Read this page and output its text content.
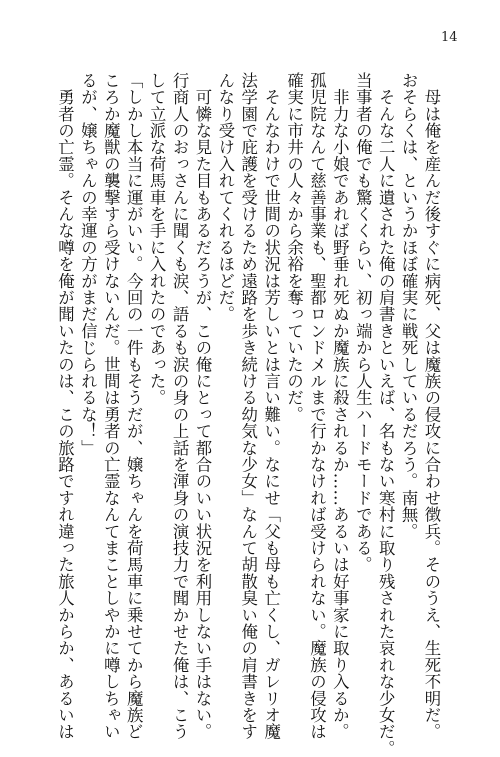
14
　母は俺を産んだ後すぐに病死、父は魔族の侵攻に合わせ徴兵。そのうえ、生死不明だ。
おそらくは、というかほぼ確実に戦死しているだろう。南無。
　そんな二人に遺された俺の肩書きといえば、名もない寒村に取り残された哀れな少女だ。
当事者の俺でも驚くくらい、初っ端から人生ハードモードである。
　非力な小娘であれば野垂れ死ぬか魔族に殺されるか……あるいは好事家に取り入るか。
孤児院なんて慈善事業も、聖都ロンドメルまで行かなければ受けられない。魔族の侵攻は
確実に市井の人々から余裕を奪っていたのだ。
　そんなわけで世間の状況は芳しいとは言い難い。なにせ「父も母も亡くし、ガレリオ魔
法学園で庇護を受けるため遠路を歩き続ける幼気な少女」なんて胡散臭い俺の肩書きをす
んなり受け入れてくれるほどだ。
　可憐な見た目もあるだろうが、この俺にとって都合のいい状況を利用しない手はない。
行商人のおっさんに聞くも涙、語るも涙の身の上話を渾身の演技力で聞かせた俺は、こう
して立派な荷馬車を手に入れたのであった。
「しかし本当に運がいい。今回の一件もそうだが、嬢ちゃんを荷馬車に乗せてから魔族ど
ころか魔獣の襲撃すら受けないんだ。世間は勇者の亡霊なんてまことしやかに噂しちゃい
るが、嬢ちゃんの幸運の方がまだ信じられるな！」
　勇者の亡霊。そんな噂を俺が聞いたのは、この旅路ですれ違った旅人からか、あるいは
